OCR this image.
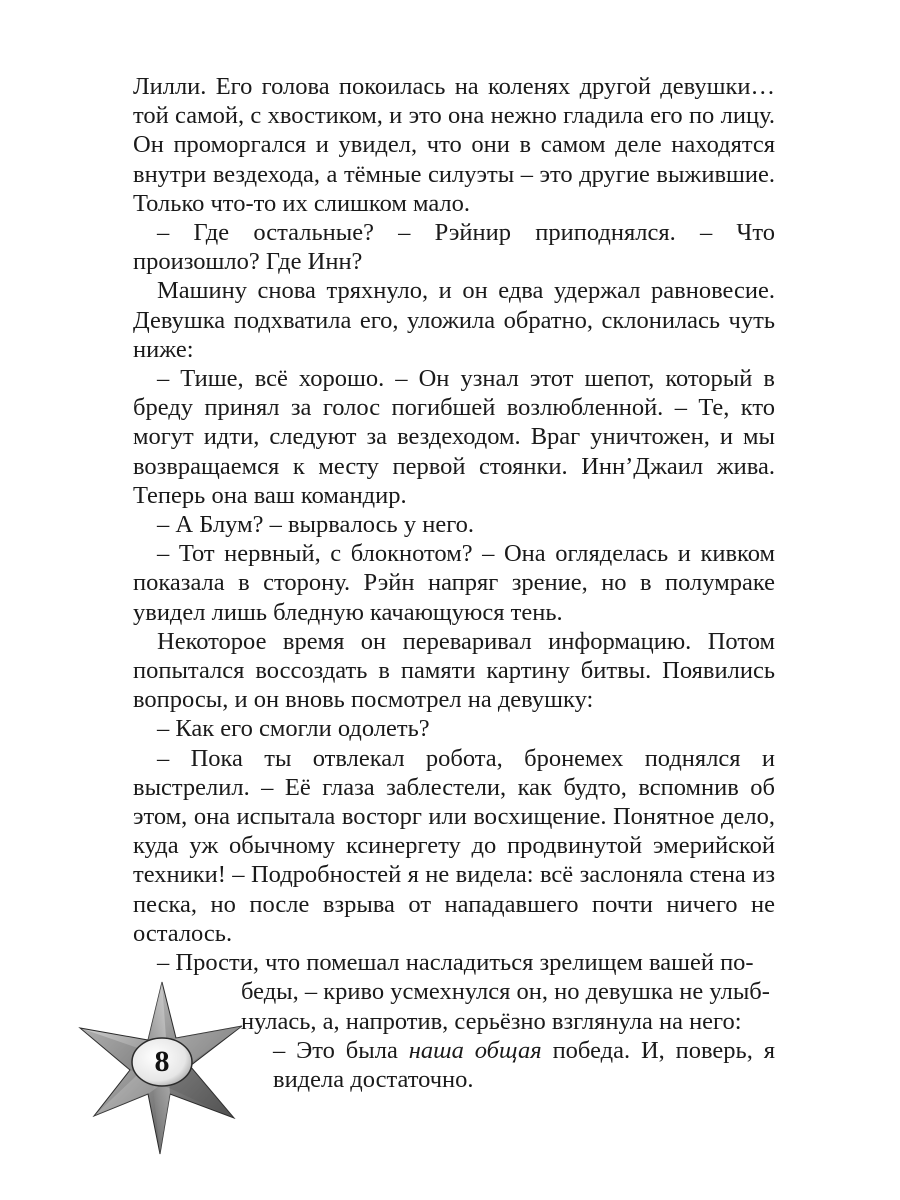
Лилли. Его голова покоилась на коленях другой девушки… той самой, с хвостиком, и это она нежно гладила его по лицу. Он проморгался и увидел, что они в самом деле находятся внутри вездехода, а тёмные силуэты – это другие выжившие. Только что-то их слишком мало.

– Где остальные? – Рэйнир приподнялся. – Что произошло? Где Инн?

Машину снова тряхнуло, и он едва удержал равновесие. Девушка подхватила его, уложила обратно, склонилась чуть ниже:

– Тише, всё хорошо. – Он узнал этот шепот, который в бреду принял за голос погибшей возлюбленной. – Те, кто могут идти, следуют за вездеходом. Враг уничтожен, и мы возвращаемся к месту первой стоянки. Инн’Джаил жива. Теперь она ваш командир.

– А Блум? – вырвалось у него.

– Тот нервный, с блокнотом? – Она огляделась и кивком показала в сторону. Рэйн напряг зрение, но в полумраке увидел лишь бледную качающуюся тень.

Некоторое время он переваривал информацию. Потом попытался воссоздать в памяти картину битвы. Появились вопросы, и он вновь посмотрел на девушку:

– Как его смогли одолеть?

– Пока ты отвлекал робота, бронемех поднялся и выстрелил. – Её глаза заблестели, как будто, вспомнив об этом, она испытала восторг или восхищение. Понятное дело, куда уж обычному ксинергету до продвинутой эмерийской техники! – Подробностей я не видела: всё заслоняла стена из песка, но после взрыва от нападавшего почти ничего не осталось.

– Прости, что помешал насладиться зрелищем вашей по-

беды, – криво усмехнулся он, но девушка не улыб-

нулась, а, напротив, серьёзно взглянула на него:

– Это была наша общая победа. И, поверь, я видела достаточно.

8
